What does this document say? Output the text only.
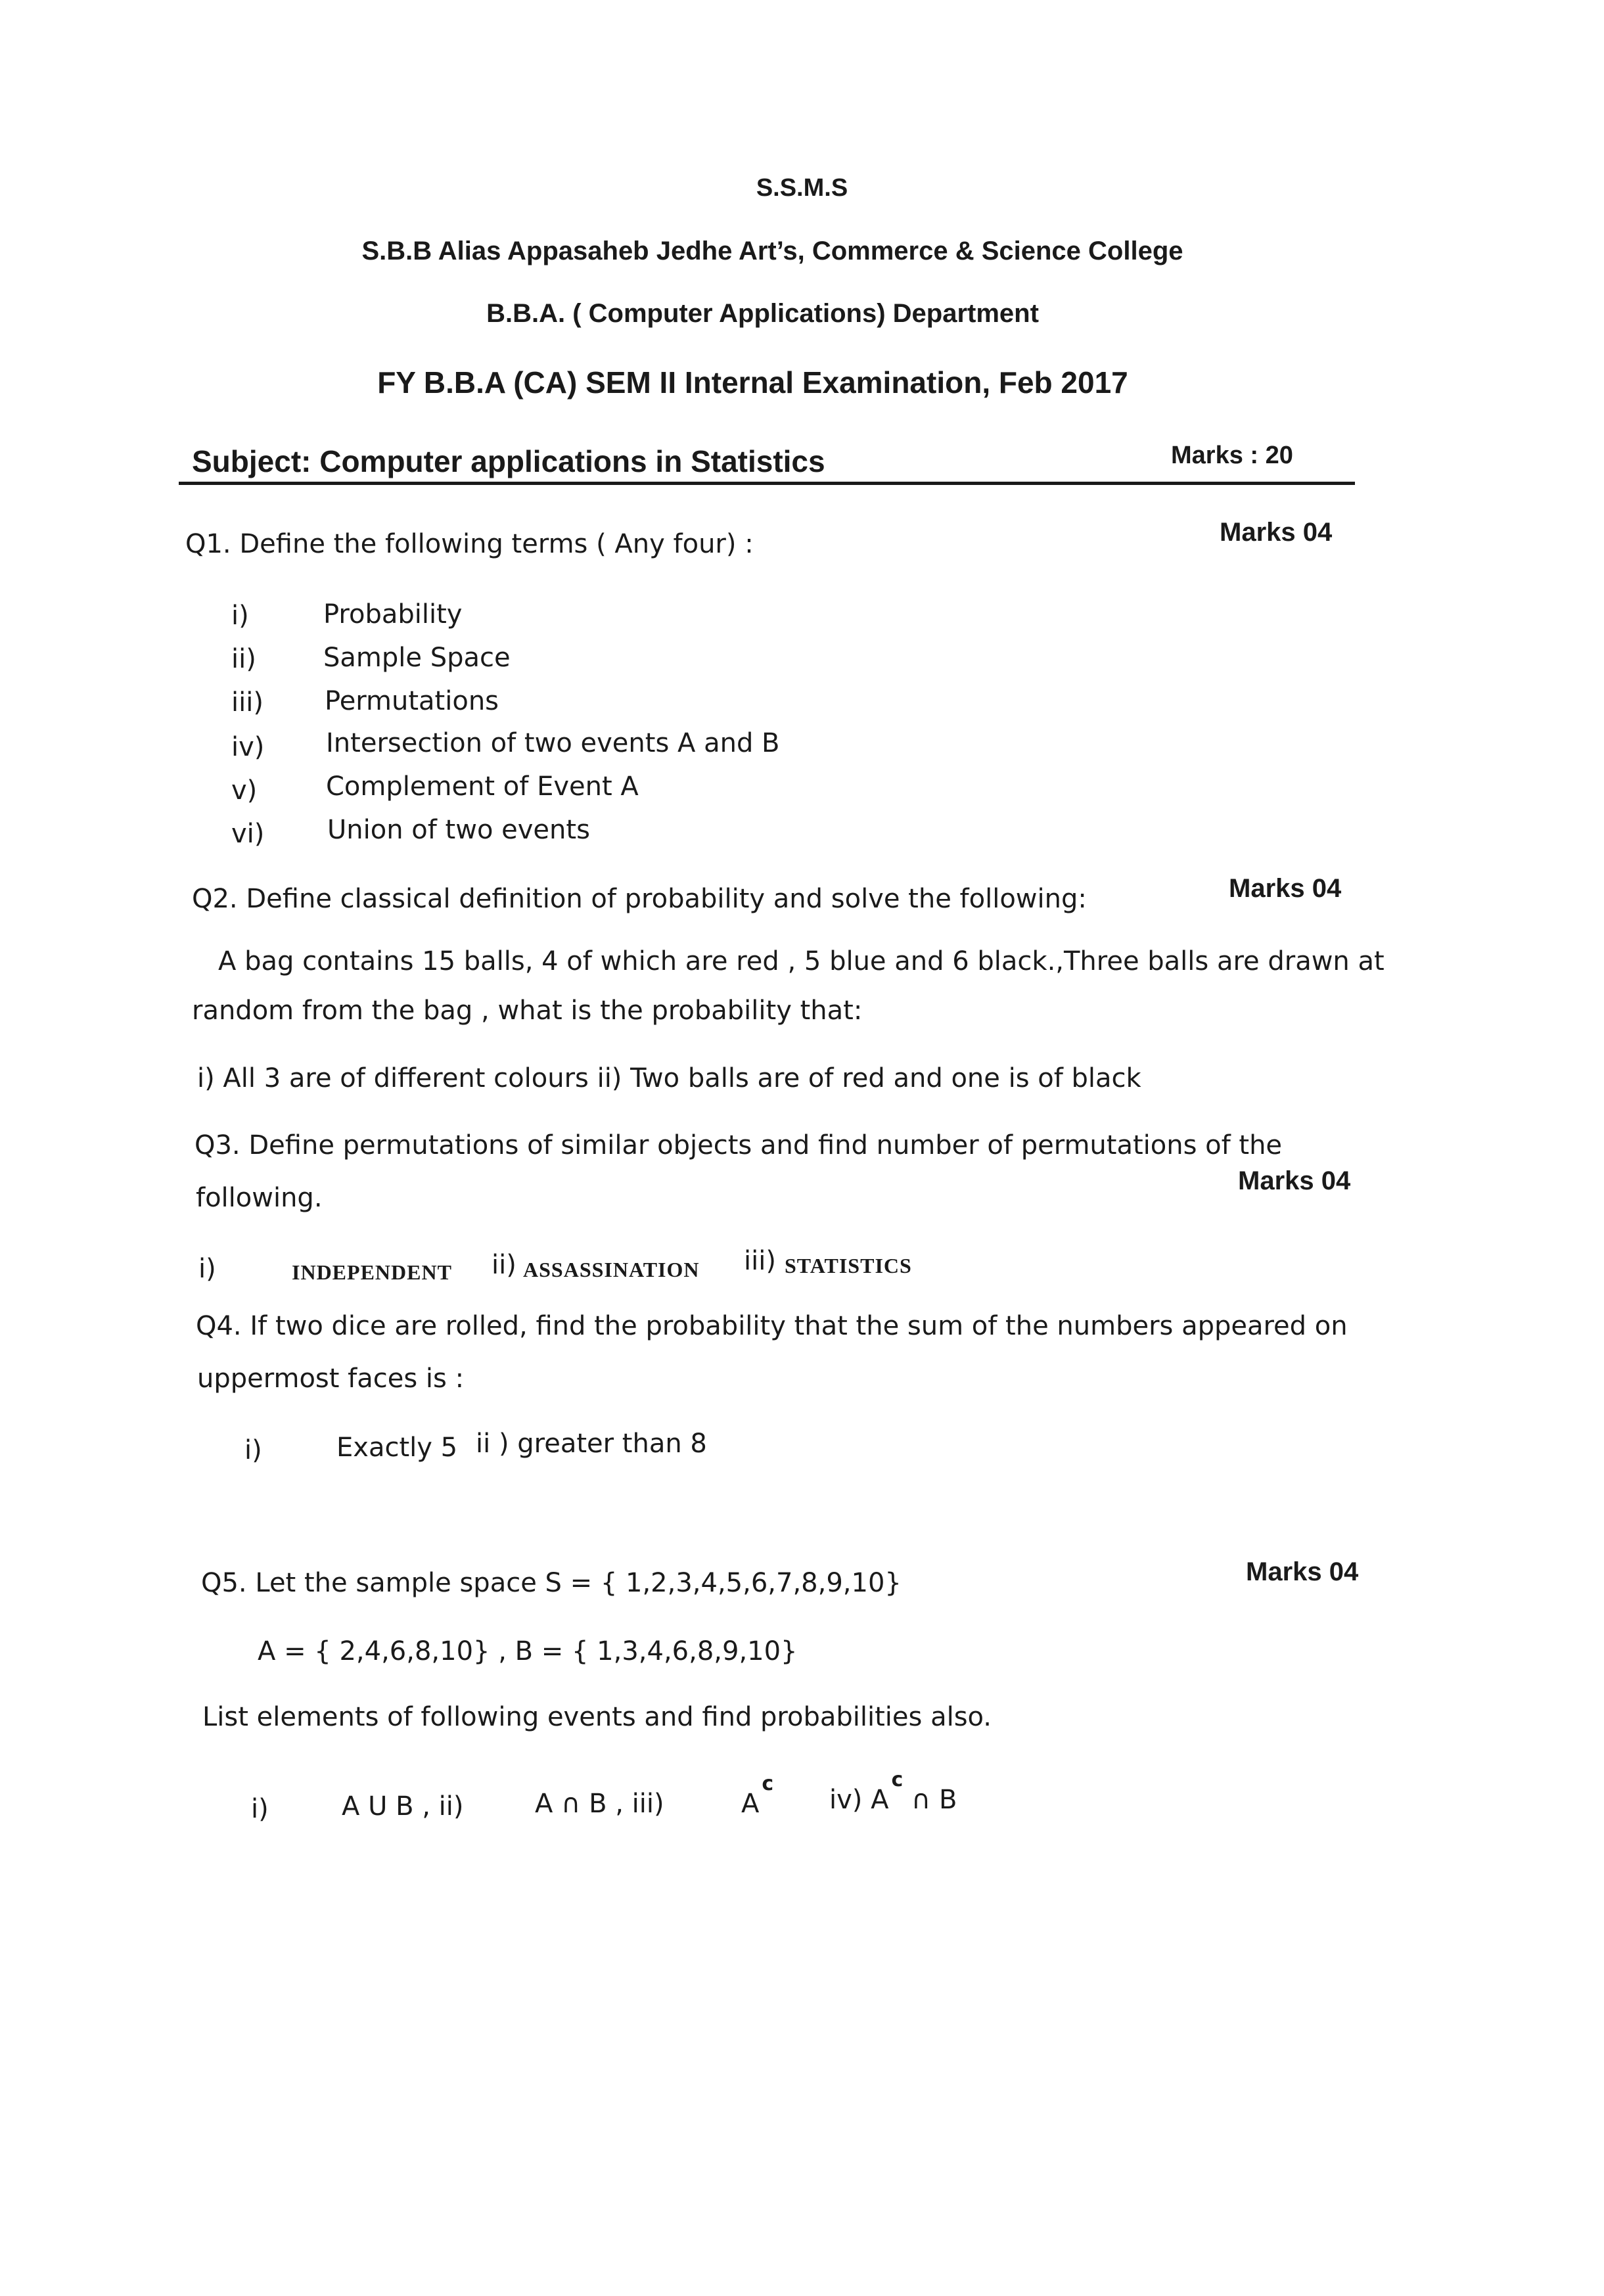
S.S.M.S
S.B.B Alias Appasaheb Jedhe Art’s, Commerce & Science College
B.B.A. ( Computer Applications) Department
FY B.B.A (CA) SEM II Internal Examination, Feb 2017
Subject: Computer applications in Statistics	Marks : 20
Q1. Define the following terms ( Any four) :	Marks 04
i)	Probability
ii)	Sample Space
iii) Permutations
iv) Intersection of two events A and B
v)	Complement of Event A
vi) Union of two events
Q2. Define classical definition of probability and solve the following:	Marks 04
A bag contains 15 balls, 4 of which are red , 5 blue and 6 black.,Three balls are drawn at
random from the bag , what is the probability that:
i) All 3 are of different colours ii) Two balls are of red and one is of black
Q3. Define permutations of similar objects and find number of permutations of the
following.
Marks 04
i)	INDEPENDENT ii) ASSASSINATION iii) STATISTICS
Q4. If two dice are rolled, find the probability that the sum of the numbers appeared on
uppermost faces is :
i)	Exactly 5 ii ) greater than 8
Q5. Let the sample space S = { 1,2,3,4,5,6,7,8,9,10}	Marks 04
A = { 2,4,6,8,10} , B = { 1,3,4,6,8,9,10}
List elements of following events and find probabilities also.
i)	A U B , ii)	A ∩ B , iii)	$A^c$
iv) $A^c$ ∩ B
